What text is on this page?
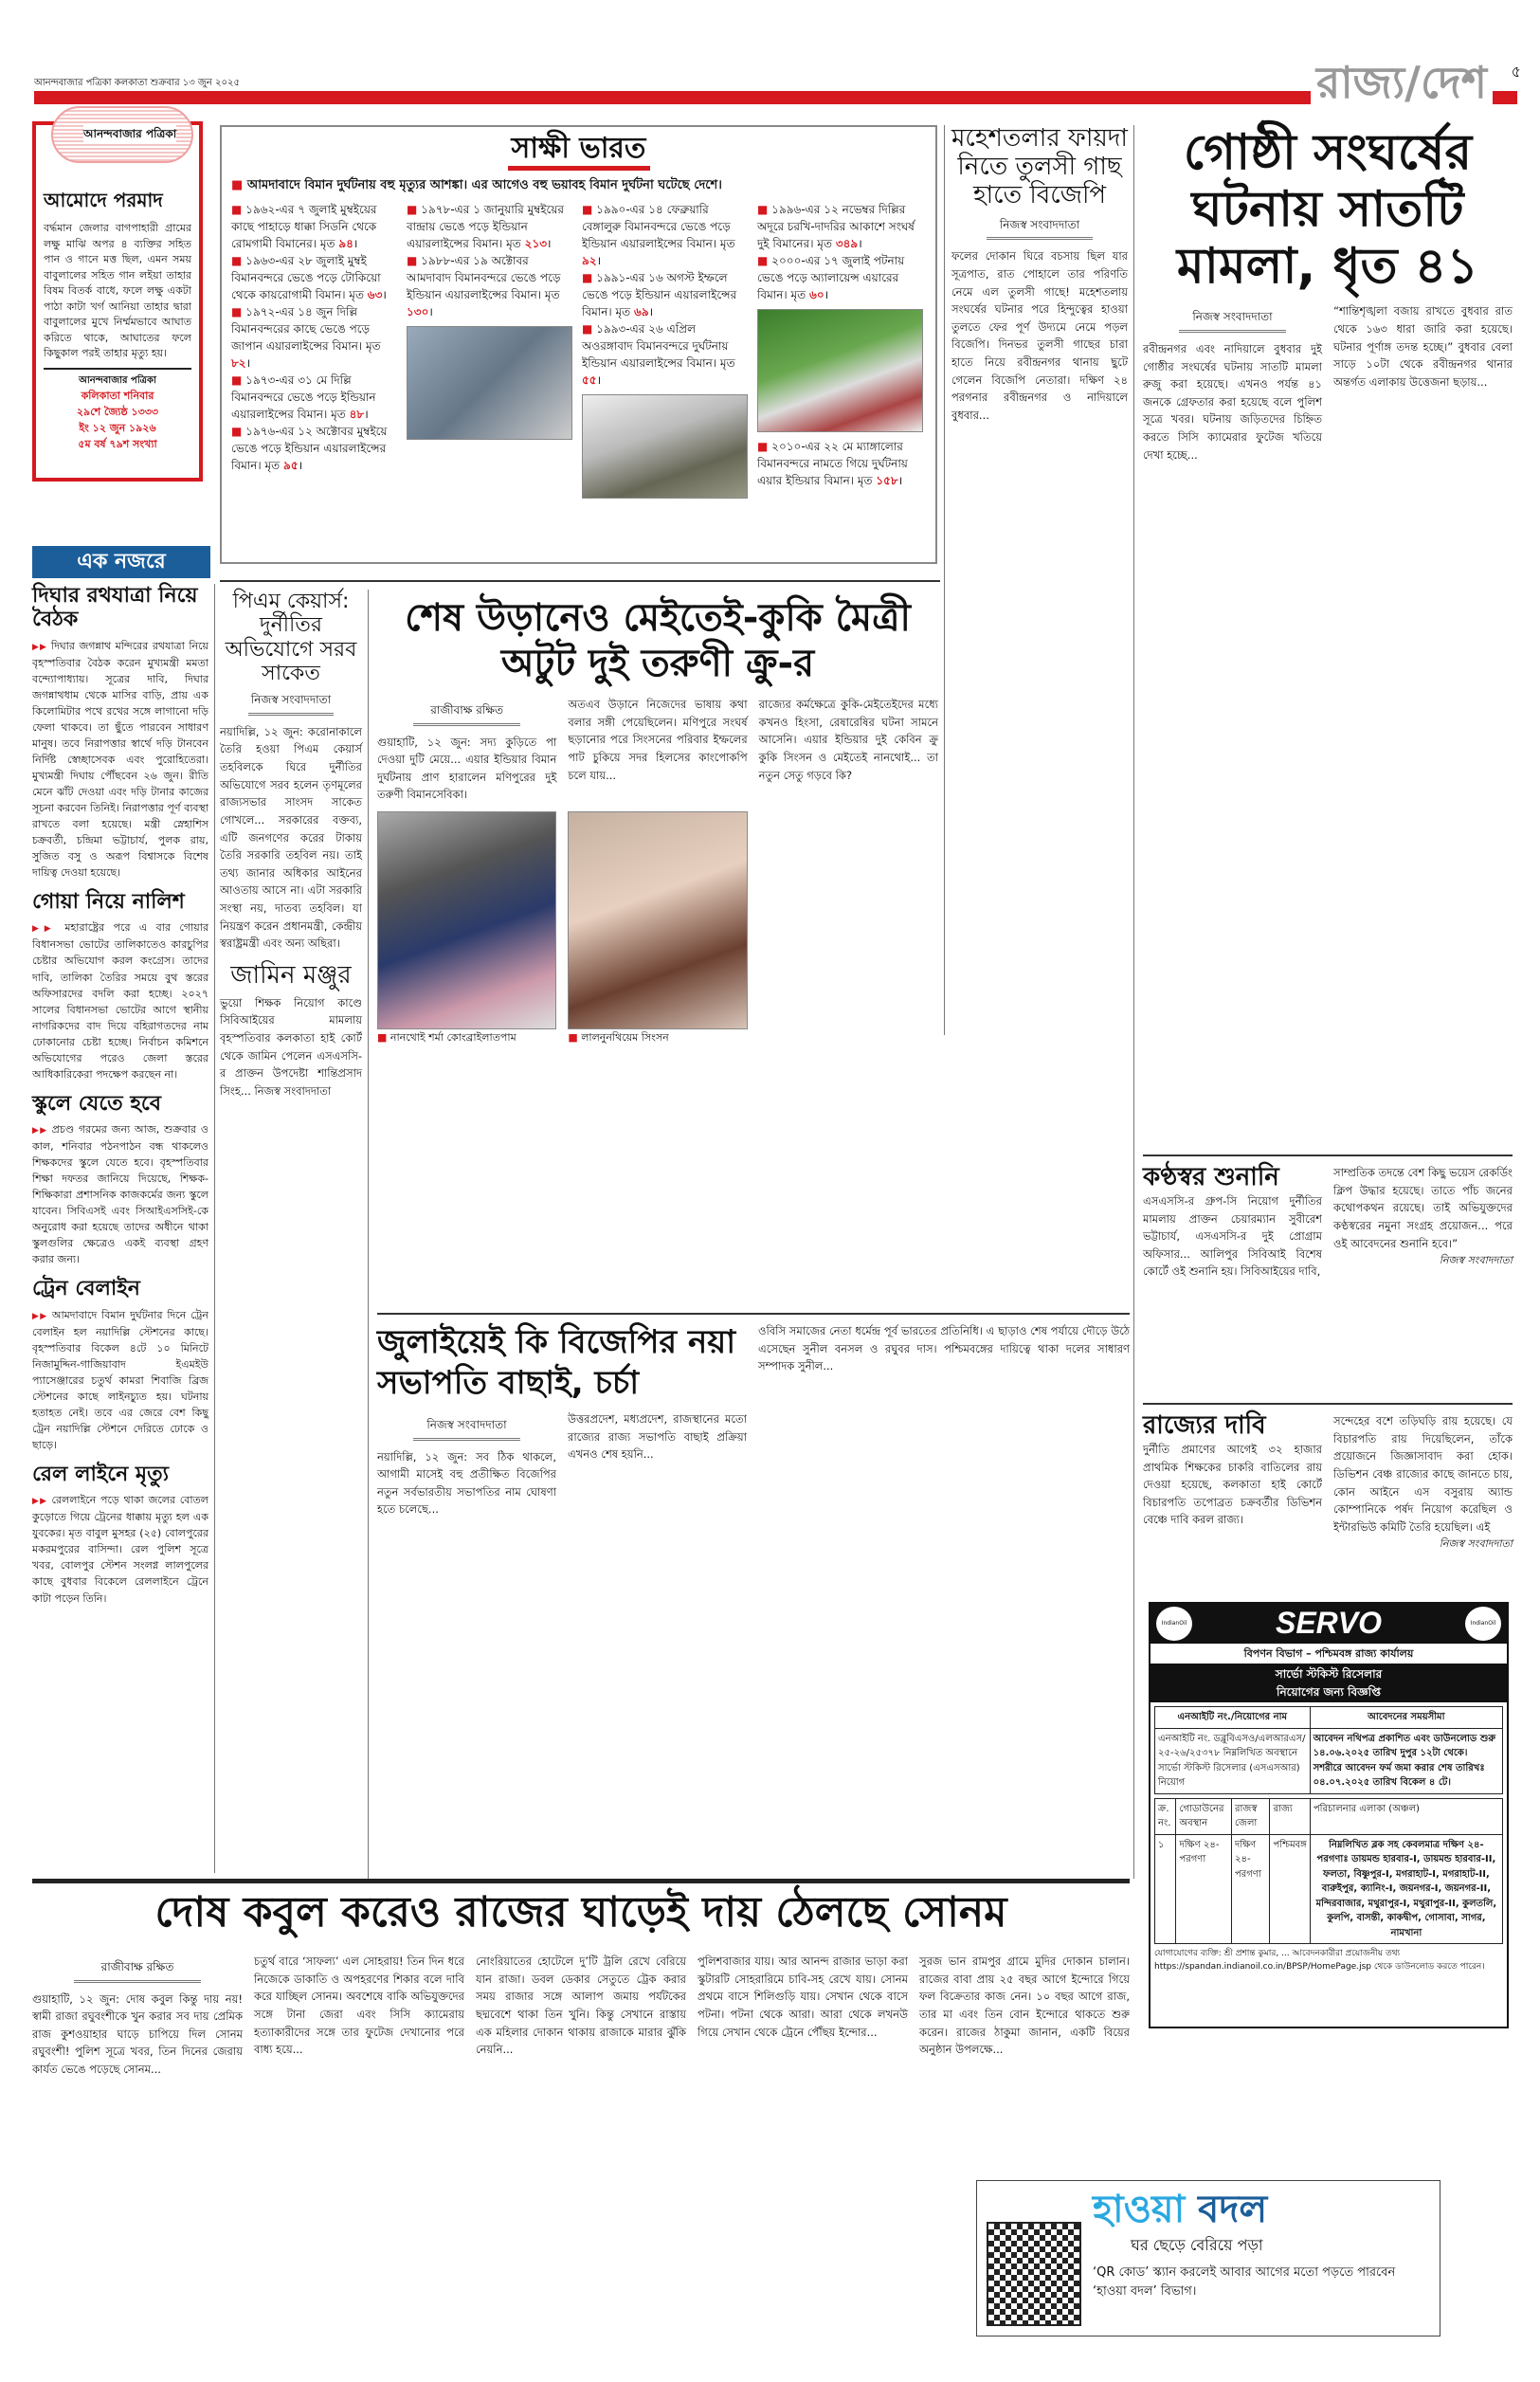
আনন্দবাজার পত্রিকা কলকাতা শুক্রবার ১৩ জুন ২০২৫	রাজ্য/দেশ	৫
আনন্দবাজার পত্রিকা
আমোদে পরমাদ
বর্দ্ধমান জেলার বাগপাহারী গ্রামের লক্ষু মাঝি অপর ৪ ব্যক্তির সহিত পান ও গানে মত্ত ছিল, এমন সময় বাবুলালের সহিত গান লইয়া তাহার বিষম বিতর্ক বাধে, ফলে লক্ষু একটা পাঠা কাটা খর্গ আনিয়া তাহার দ্বারা বাবুলালের মুখে নির্ম্মমভাবে আঘাত করিতে থাকে, আঘাতের ফলে কিছুকাল পরই তাহার মৃত্যু হয়।
আনন্দবাজার পত্রিকা
কলিকাতা শনিবার
২৯শে জ্যৈষ্ঠ ১৩৩৩
ইং ১২ জুন ১৯২৬
৫ম বর্ষ ৭৯শ সংখ্যা
এক নজরে
দিঘার রথযাত্রা নিয়ে বৈঠক

▶▶ দিঘার জগন্নাথ মন্দিরের রথযাত্রা নিয়ে বৃহস্পতিবার বৈঠক করেন মুখ্যমন্ত্রী মমতা বন্দ্যোপাধ্যায়। সূত্রের দাবি, দিঘার জগন্নাথধাম থেকে মাসির বাড়ি, প্রায় এক কিলোমিটার পথে রথের সঙ্গে লাগানো দড়ি ফেলা থাকবে। তা ছুঁতে পারবেন সাধারণ মানুষ। তবে নিরাপত্তার স্বার্থে দড়ি টানবেন নির্দিষ্ট স্বেচ্ছাসেবক এবং পুরোহিতেরা। মুখ্যমন্ত্রী দিঘায় পৌঁছবেন ২৬ জুন। রীতি মেনে ঝাঁট দেওয়া এবং দড়ি টানার কাজের সূচনা করবেন তিনিই। নিরাপত্তার পূর্ণ ব্যবস্থা রাখতে বলা হয়েছে। মন্ত্রী স্নেহাশিস চক্রবর্তী, চন্দ্রিমা ভট্টাচার্য, পুলক রায়, সুজিত বসু ও অরূপ বিশ্বাসকে বিশেষ দায়িত্ব দেওয়া হয়েছে।

গোয়া নিয়ে নালিশ

▶▶ মহারাষ্ট্রের পরে এ বার গোয়ার বিধানসভা ভোটের তালিকাতেও কারচুপির চেষ্টার অভিযোগ করল কংগ্রেস। তাদের দাবি, তালিকা তৈরির সময়ে বুথ স্তরের অফিসারদের বদলি করা হচ্ছে। ২০২৭ সালের বিধানসভা ভোটের আগে স্থানীয় নাগরিকদের বাদ দিয়ে বহিরাগতদের নাম ঢোকানোর চেষ্টা হচ্ছে। নির্বাচন কমিশনে অভিযোগের পরেও জেলা স্তরের আধিকারিকেরা পদক্ষেপ করছেন না।

স্কুলে যেতে হবে

▶▶ প্রচণ্ড গরমের জন্য আজ, শুক্রবার ও কাল, শনিবার পঠনপাঠন বন্ধ থাকলেও শিক্ষকদের স্কুলে যেতে হবে। বৃহস্পতিবার শিক্ষা দফতর জানিয়ে দিয়েছে, শিক্ষক-শিক্ষিকারা প্রশাসনিক কাজকর্মের জন্য স্কুলে যাবেন। সিবিএসই এবং সিআইএসসিই-কে অনুরোধ করা হয়েছে তাদের অধীনে থাকা স্কুলগুলির ক্ষেত্রেও একই ব্যবস্থা গ্রহণ করার জন্য।

ট্রেন বেলাইন

▶▶ আমদাবাদে বিমান দুর্ঘটনার দিনে ট্রেন বেলাইন হল নয়াদিল্লি স্টেশনের কাছে। বৃহস্পতিবার বিকেল ৪টে ১০ মিনিটে নিজামুদ্দিন-গাজিয়াবাদ ইএমইউ প্যাসেঞ্জারের চতুর্থ কামরা শিবাজি ব্রিজ স্টেশনের কাছে লাইনচ্যুত হয়। ঘটনায় হতাহত নেই। তবে এর জেরে বেশ কিছু ট্রেন নয়াদিল্লি স্টেশনে দেরিতে ঢোকে ও ছাড়ে।

রেল লাইনে মৃত্যু

▶▶ রেললাইনে পড়ে থাকা জলের বোতল কুড়োতে গিয়ে ট্রেনের ধাক্কায় মৃত্যু হল এক যুবকের। মৃত বাবুল মুসহর (২৫) বোলপুরের মকরমপুরের বাসিন্দা। রেল পুলিশ সূত্রে খবর, বোলপুর স্টেশন সংলগ্ন লালপুলের কাছে বুধবার বিকেলে রেললাইনে ট্রেনে কাটা পড়েন তিনি।

সাক্ষী ভারত
■ আমদাবাদে বিমান দুর্ঘটনায় বহু মৃত্যুর আশঙ্কা। এর আগেও বহু ভয়াবহ বিমান দুর্ঘটনা ঘটেছে দেশে।
■ ১৯৬২-এর ৭ জুলাই মুম্বইয়ের কাছে পাহাড়ে ধাক্কা সিডনি থেকে রোমগামী বিমানের। মৃত ৯৪।
■ ১৯৬৩-এর ২৮ জুলাই মুম্বই বিমানবন্দরে ভেঙে পড়ে টোকিয়ো থেকে কায়রোগামী বিমান। মৃত ৬৩।
■ ১৯৭২-এর ১৪ জুন দিল্লি বিমানবন্দরের কাছে ভেঙে পড়ে জাপান এয়ারলাইন্সের বিমান। মৃত ৮২।
■ ১৯৭৩-এর ৩১ মে দিল্লি বিমানবন্দরে ভেঙে পড়ে ইন্ডিয়ান এয়ারলাইন্সের বিমান। মৃত ৪৮।
■ ১৯৭৬-এর ১২ অক্টোবর মুম্বইয়ে ভেঙে পড়ে ইন্ডিয়ান এয়ারলাইন্সের বিমান। মৃত ৯৫।
■ ১৯৭৮-এর ১ জানুয়ারি মুম্বইয়ের বান্দ্রায় ভেঙে পড়ে ইন্ডিয়ান এয়ারলাইন্সের বিমান। মৃত ২১৩।
■ ১৯৮৮-এর ১৯ অক্টোবর আমদাবাদ বিমানবন্দরে ভেঙে পড়ে ইন্ডিয়ান এয়ারলাইন্সের বিমান। মৃত ১৩০।
■ ১৯৯০-এর ১৪ ফেব্রুয়ারি বেঙ্গালুরু বিমানবন্দরে ভেঙে পড়ে ইন্ডিয়ান এয়ারলাইন্সের বিমান। মৃত ৯২।
■ ১৯৯১-এর ১৬ অগস্ট ইম্ফলে ভেঙে পড়ে ইন্ডিয়ান এয়ারলাইন্সের বিমান। মৃত ৬৯।
■ ১৯৯৩-এর ২৬ এপ্রিল অওরঙ্গাবাদ বিমানবন্দরে দুর্ঘটনায় ইন্ডিয়ান এয়ারলাইন্সের বিমান। মৃত ৫৫।
■ ১৯৯৬-এর ১২ নভেম্বর দিল্লির অদূরে চরখি-দাদরির আকাশে সংঘর্ষ দুই বিমানের। মৃত ৩৪৯।
■ ২০০০-এর ১৭ জুলাই পটনায় ভেঙে পড়ে অ্যালায়েন্স এয়ারের বিমান। মৃত ৬০।
■ ২০১০-এর ২২ মে ম্যাঙ্গালোর বিমানবন্দরে নামতে গিয়ে দুর্ঘটনায় এয়ার ইন্ডিয়ার বিমান। মৃত ১৫৮।
মহেশতলার ফায়দা নিতে তুলসী গাছ হাতে বিজেপি
নিজস্ব সংবাদদাতা

ফলের দোকান ঘিরে বচসায় ছিল যার সূত্রপাত, রাত পোহালে তার পরিণতি নেমে এল তুলসী গাছে! মহেশতলায় সংঘর্ষের ঘটনার পরে হিন্দুত্বের হাওয়া তুলতে ফের পূর্ণ উদ্যমে নেমে পড়ল বিজেপি। দিনভর তুলসী গাছের চারা হাতে নিয়ে রবীন্দ্রনগর থানায় ছুটে গেলেন বিজেপি নেতারা। দক্ষিণ ২৪ পরগনার রবীন্দ্রনগর ও নাদিয়ালে বুধবার...

গোষ্ঠী সংঘর্ষের ঘটনায় সাতটি মামলা, ধৃত ৪১
নিজস্ব সংবাদদাতা

রবীন্দ্রনগর এবং নাদিয়ালে বুধবার দুই গোষ্ঠীর সংঘর্ষের ঘটনায় সাতটি মামলা রুজু করা হয়েছে। এখনও পর্যন্ত ৪১ জনকে গ্রেফতার করা হয়েছে বলে পুলিশ সূত্রে খবর। ঘটনায় জড়িতদের চিহ্নিত করতে সিসি ক্যামেরার ফুটেজ খতিয়ে দেখা হচ্ছে...

“শান্তিশৃঙ্খলা বজায় রাখতে বুধবার রাত থেকে ১৬৩ ধারা জারি করা হয়েছে। ঘটনার পূর্ণাঙ্গ তদন্ত হচ্ছে।” বুধবার বেলা সাড়ে ১০টা থেকে রবীন্দ্রনগর থানার অন্তর্গত এলাকায় উত্তেজনা ছড়ায়...

পিএম কেয়ার্স: দুর্নীতির অভিযোগে সরব সাকেত
নিজস্ব সংবাদদাতা

নয়াদিল্লি, ১২ জুন: করোনাকালে তৈরি হওয়া পিএম কেয়ার্স তহবিলকে ঘিরে দুর্নীতির অভিযোগে সরব হলেন তৃণমূলের রাজ্যসভার সাংসদ সাকেত গোখলে... সরকারের বক্তব্য, এটি জনগণের করের টাকায় তৈরি সরকারি তহবিল নয়। তাই তথ্য জানার অধিকার আইনের আওতায় আসে না। এটা সরকারি সংস্থা নয়, দাতব্য তহবিল। যা নিয়ন্ত্রণ করেন প্রধানমন্ত্রী, কেন্দ্রীয় স্বরাষ্ট্রমন্ত্রী এবং অন্য অছিরা।

জামিন মঞ্জুর

ভুয়ো শিক্ষক নিয়োগ কাণ্ডে সিবিআইয়ের মামলায় বৃহস্পতিবার কলকাতা হাই কোর্ট থেকে জামিন পেলেন এসএসসি-র প্রাক্তন উপদেষ্টা শান্তিপ্রসাদ সিংহ... নিজস্ব সংবাদদাতা

শেষ উড়ানেও মেইতেই-কুকি মৈত্রী অটুট দুই তরুণী ক্রু-র
রাজীবাক্ষ রক্ষিত

গুয়াহাটি, ১২ জুন: সদ্য কুড়িতে পা দেওয়া দুটি মেয়ে... এয়ার ইন্ডিয়ার বিমান দুর্ঘটনায় প্রাণ হারালেন মণিপুরের দুই তরুণী বিমানসেবিকা।

অতএব উড়ানে নিজেদের ভাষায় কথা বলার সঙ্গী পেয়েছিলেন। মণিপুরে সংঘর্ষ ছড়ানোর পরে সিংসনের পরিবার ইম্ফলের পাট চুকিয়ে সদর হিলসের কাংপোকপি চলে যায়...

রাজ্যের কর্মক্ষেত্রে কুকি-মেইতেইদের মধ্যে কখনও হিংসা, রেষারেষির ঘটনা সামনে আসেনি। এয়ার ইন্ডিয়ার দুই কেবিন ক্রু কুকি সিংসন ও মেইতেই নানথোই... তা নতুন সেতু গড়বে কি?

■ নানথোই শর্মা কোংব্রাইলাতপাম	■ লালনুনথিয়েম সিংসন
জুলাইয়েই কি বিজেপির নয়া সভাপতি বাছাই, চর্চা
নিজস্ব সংবাদদাতা

নয়াদিল্লি, ১২ জুন: সব ঠিক থাকলে, আগামী মাসেই বহু প্রতীক্ষিত বিজেপির নতুন সর্বভারতীয় সভাপতির নাম ঘোষণা হতে চলেছে...

উত্তরপ্রদেশ, মধ্যপ্রদেশ, রাজস্থানের মতো রাজ্যের রাজ্য সভাপতি বাছাই প্রক্রিয়া এখনও শেষ হয়নি...

ওবিসি সমাজের নেতা ধর্মেন্দ্র পূর্ব ভারতের প্রতিনিধি। এ ছাড়াও শেষ পর্যায়ে দৌড়ে উঠে এসেছেন সুনীল বনসল ও রঘুবর দাস। পশ্চিমবঙ্গের দায়িত্বে থাকা দলের সাধারণ সম্পাদক সুনীল...

কণ্ঠস্বর শুনানি

এসএসসি-র গ্রুপ-সি নিয়োগ দুর্নীতির মামলায় প্রাক্তন চেয়ারম্যান সুবীরেশ ভট্টাচার্য, এসএসসি-র দুই প্রোগ্রাম অফিসার... আলিপুর সিবিআই বিশেষ কোর্টে ওই শুনানি হয়। সিবিআইয়ের দাবি,

সাম্প্রতিক তদন্তে বেশ কিছু ভয়েস রেকর্ডিং ক্লিপ উদ্ধার হয়েছে। তাতে পাঁচ জনের কথোপকথন রয়েছে। তাই অভিযুক্তদের কণ্ঠস্বরের নমুনা সংগ্রহ প্রয়োজন... পরে ওই আবেদনের শুনানি হবে।”

নিজস্ব সংবাদদাতা
রাজ্যের দাবি

দুর্নীতি প্রমাণের আগেই ৩২ হাজার প্রাথমিক শিক্ষকের চাকরি বাতিলের রায় দেওয়া হয়েছে, কলকাতা হাই কোর্টে বিচারপতি তপোব্রত চক্রবর্তীর ডিভিশন বেঞ্চে দাবি করল রাজ্য।

সন্দেহের বশে তড়িঘড়ি রায় হয়েছে। যে বিচারপতি রায় দিয়েছিলেন, তাঁকে প্রয়োজনে জিজ্ঞাসাবাদ করা হোক। ডিভিশন বেঞ্চ রাজ্যের কাছে জানতে চায়, কোন আইনে এস বসুরায় অ্যান্ড কোম্পানিকে পর্ষদ নিয়োগ করেছিল ও ইন্টারভিউ কমিটি তৈরি হয়েছিল। এই

নিজস্ব সংবাদদাতা
IndianOil	SERVO	IndianOil
বিপণন বিভাগ – পশ্চিমবঙ্গ রাজ্য কার্যালয়
সার্ভো স্টকিস্ট রিসেলার
নিয়োগের জন্য বিজ্ঞপ্তি
এনআইটি নং./নিয়োগের নাম	আবেদনের সময়সীমা
এনআইটি নং. ডব্লুবিএসও/এলআরএস/২৫-২৬/২৫৩৭৮ নিম্নলিখিত অবস্থানে সার্ভো স্টকিস্ট রিসেলার (এসএসআর) নিয়োগ	আবেদন নথিপত্র প্রকাশিত এবং ডাউনলোড শুরু ১৪.০৬.২০২৫ তারিখ দুপুর ১২টা থেকে। সশরীরে আবেদন ফর্ম জমা করার শেষ তারিখঃ ০৪.০৭.২০২৫ তারিখ বিকেল ৪ টে।
ক্র. নং.	গোডাউনের অবস্থান	রাজস্ব জেলা	রাজ্য	পরিচালনার এলাকা (অঞ্চল)
১	দক্ষিণ ২৪-পরগণা	দক্ষিণ ২৪-পরগণা	পশ্চিমবঙ্গ	নিম্নলিখিত ব্লক সহ কেবলমাত্র দক্ষিণ ২৪-পরগণাঃ ডায়মন্ড হারবার-I, ডায়মন্ড হারবার-II, ফলতা, বিষ্ণুপুর-I, মগরাহাট-I, মগরাহাট-II, বারুইপুর, ক্যানিং-I, জয়নগর-I, জয়নগর-II, মন্দিরবাজার, মথুরাপুর-I, মথুরাপুর-II, কুলতলি, কুলপি, বাসন্তী, কাকদ্বীপ, গোসাবা, সাগর, নামখানা
যোগাযোগের ব্যক্তি: শ্রী প্রশান্ত কুমার, ... আবেদনকারীরা প্রয়োজনীয় তথ্য https://spandan.indianoil.co.in/BPSP/HomePage.jsp থেকে ডাউনলোড করতে পারেন।
হাওয়া বদল
ঘর ছেড়ে বেরিয়ে পড়া
‘QR কোড’ স্ক্যান করলেই আবার আগের মতো পড়তে পারবেন ‘হাওয়া বদল’ বিভাগ।
দোষ কবুল করেও রাজের ঘাড়েই দায় ঠেলছে সোনম
রাজীবাক্ষ রক্ষিত

গুয়াহাটি, ১২ জুন: দোষ কবুল কিন্তু দায় নয়! স্বামী রাজা রঘুবংশীকে খুন করার সব দায় প্রেমিক রাজ কুশওয়াহার ঘাড়ে চাপিয়ে দিল সোনম রঘুবংশী! পুলিশ সূত্রে খবর, তিন দিনের জেরায় কার্যত ভেঙে পড়েছে সোনম...

চতুর্থ বারে ‘সাফল্য’ এল সোহরায়! তিন দিন ধরে নিজেকে ডাকাতি ও অপহরণের শিকার বলে দাবি করে যাচ্ছিল সোনম। অবশেষে বাকি অভিযুক্তদের সঙ্গে টানা জেরা এবং সিসি ক্যামেরায় হত্যাকারীদের সঙ্গে তার ফুটেজ দেখানোর পরে বাধ্য হয়ে...

নোংরিয়াতের হোটেলে দু’টি ট্রলি রেখে বেরিয়ে যান রাজা। ডবল ডেকার সেতুতে ট্রেক করার সময় রাজার সঙ্গে আলাপ জমায় পর্যটকের ছদ্মবেশে থাকা তিন খুনি। কিন্তু সেখানে রাস্তায় এক মহিলার দোকান থাকায় রাজাকে মারার ঝুঁকি নেয়নি...

পুলিশবাজার যায়। আর আনন্দ রাজার ভাড়া করা স্কুটারটি সোহরারিমে চাবি-সহ রেখে যায়। সোনম প্রথমে বাসে শিলিগুড়ি যায়। সেখান থেকে বাসে পটনা। পটনা থেকে আরা। আরা থেকে লখনউ গিয়ে সেখান থেকে ট্রেনে পৌঁছয় ইন্দোর...

সুরজ ভান রামপুর গ্রামে মুদির দোকান চালান। রাজের বাবা প্রায় ২৫ বছর আগে ইন্দোরে গিয়ে ফল বিক্রেতার কাজ নেন। ১০ বছর আগে রাজ, তার মা এবং তিন বোন ইন্দোরে থাকতে শুরু করেন। রাজের ঠাকুমা জানান, একটি বিয়ের অনুষ্ঠান উপলক্ষে...
